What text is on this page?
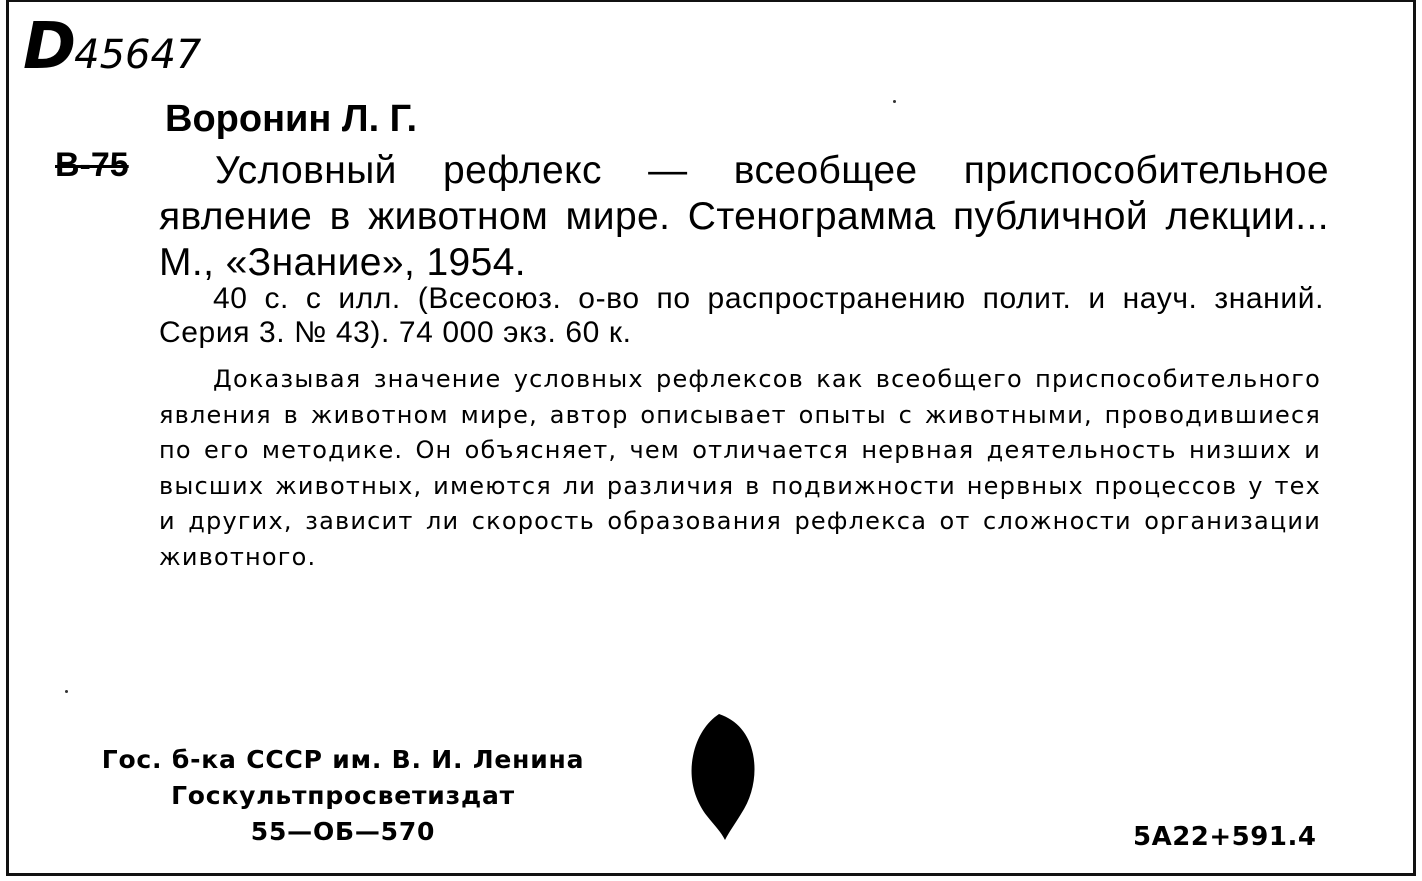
D45647
Воронин Л. Г.
В-75	Условный рефлекс — всеобщее приспособительное явление в животном мире. Стенограмма публичной лекции... М., «Знание», 1954.
40 с. с илл. (Всесоюз. о-во по распространению полит. и науч. знаний. Серия 3. № 43). 74 000 экз. 60 к.
Доказывая значение условных рефлексов как всеобщего приспособительного явления в животном мире, автор описывает опыты с животными, проводившиеся по его методике. Он объясняет, чем отличается нервная деятельность низших и высших животных, имеются ли различия в подвижности нервных процессов у тех и других, зависит ли скорость образования рефлекса от сложности организации животного.
Гос. б-ка СССР им. В. И. Ленина
Госкультпросветиздат
55—ОБ—570	5А22+591.4
